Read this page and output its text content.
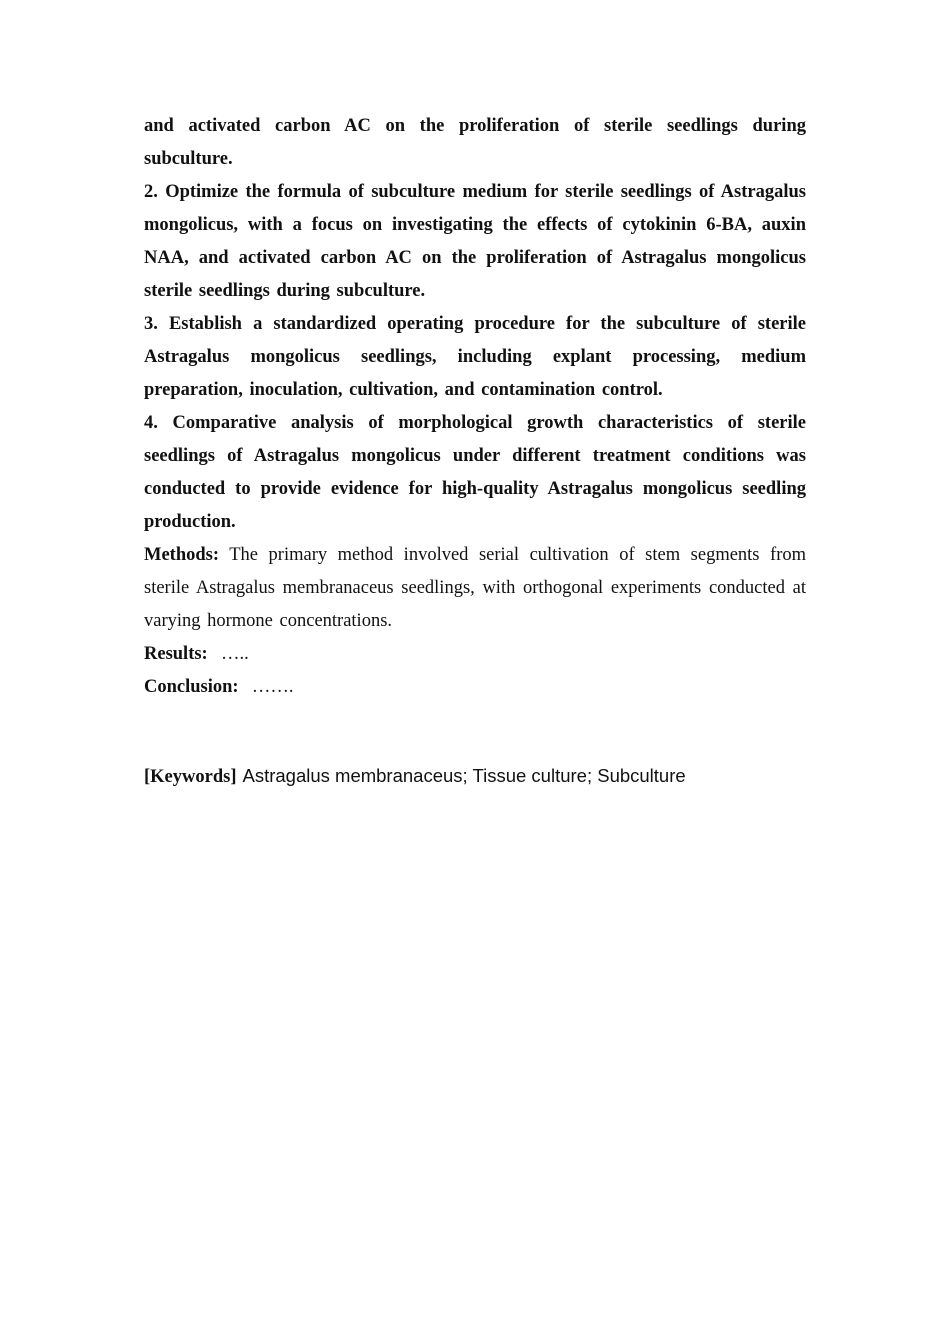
and activated carbon AC on the proliferation of sterile seedlings during subculture.

2. Optimize the formula of subculture medium for sterile seedlings of Astragalus mongolicus, with a focus on investigating the effects of cytokinin 6-BA, auxin NAA, and activated carbon AC on the proliferation of Astragalus mongolicus sterile seedlings during subculture.

3. Establish a standardized operating procedure for the subculture of sterile Astragalus mongolicus seedlings, including explant processing, medium preparation, inoculation, cultivation, and contamination control.

4. Comparative analysis of morphological growth characteristics of sterile seedlings of Astragalus mongolicus under different treatment conditions was conducted to provide evidence for high-quality Astragalus mongolicus seedling production.

Methods: The primary method involved serial cultivation of stem segments from sterile Astragalus membranaceus seedlings, with orthogonal experiments conducted at varying hormone concentrations.

Results: …..

Conclusion: …….

[Keywords] Astragalus membranaceus; Tissue culture; Subculture
